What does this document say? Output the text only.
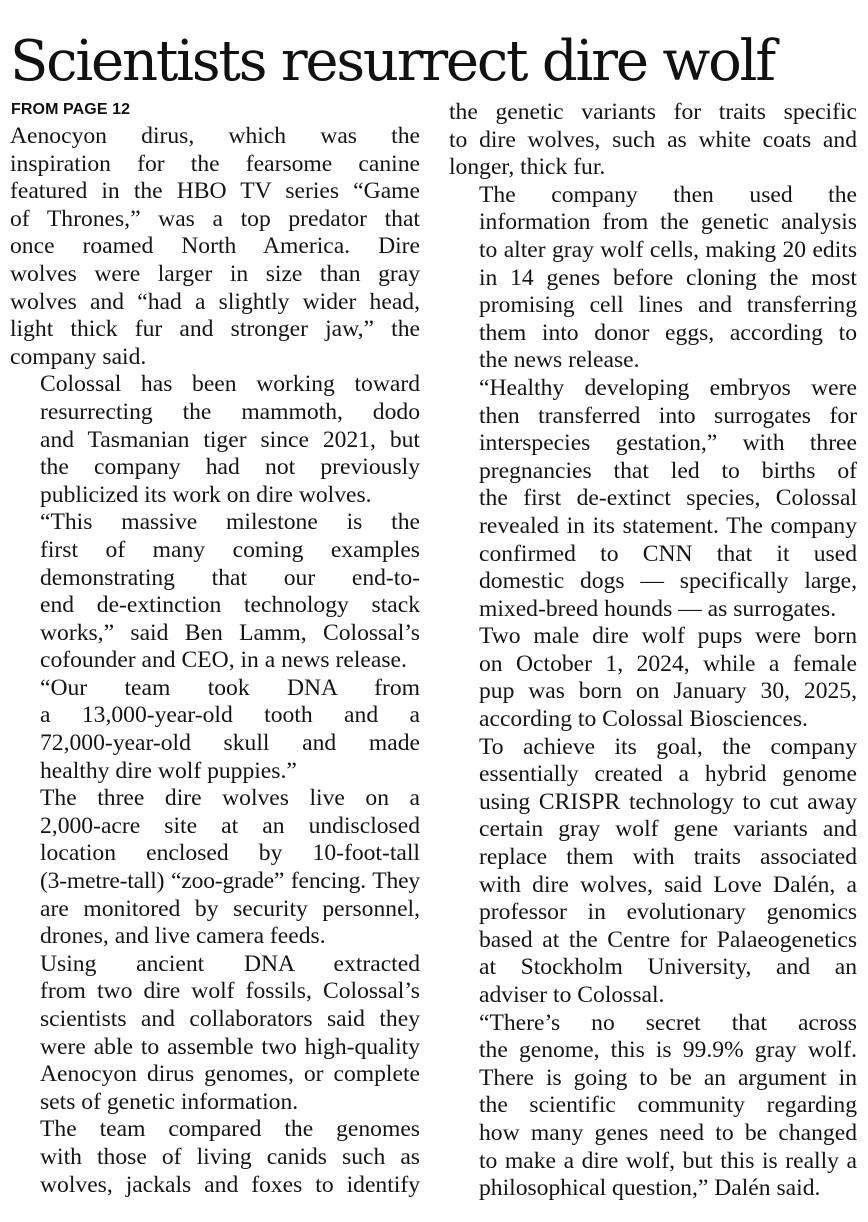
Scientists resurrect dire wolf
FROM PAGE 12

Aenocyon dirus, which was the
inspiration for the fearsome canine
featured in the HBO TV series “Game
of Thrones,” was a top predator that
once roamed North America. Dire
wolves were larger in size than gray
wolves and “had a slightly wider head,
light thick fur and stronger jaw,” the
company said.

Colossal has been working toward
resurrecting the mammoth, dodo
and Tasmanian tiger since 2021, but
the company had not previously
publicized its work on dire wolves.

“This massive milestone is the
first of many coming examples
demonstrating that our end-to-
end de-extinction technology stack
works,” said Ben Lamm, Colossal’s
cofounder and CEO, in a news release.

“Our team took DNA from
a 13,000-year-old tooth and a
72,000-year-old skull and made
healthy dire wolf puppies.”

The three dire wolves live on a
2,000-acre site at an undisclosed
location enclosed by 10-foot-tall
(3-metre-tall) “zoo-grade” fencing. They
are monitored by security personnel,
drones, and live camera feeds.

Using ancient DNA extracted
from two dire wolf fossils, Colossal’s
scientists and collaborators said they
were able to assemble two high-quality
Aenocyon dirus genomes, or complete
sets of genetic information.

The team compared the genomes
with those of living canids such as
wolves, jackals and foxes to identify

the genetic variants for traits specific
to dire wolves, such as white coats and
longer, thick fur.

The company then used the
information from the genetic analysis
to alter gray wolf cells, making 20 edits
in 14 genes before cloning the most
promising cell lines and transferring
them into donor eggs, according to
the news release.

“Healthy developing embryos were
then transferred into surrogates for
interspecies gestation,” with three
pregnancies that led to births of
the first de-extinct species, Colossal
revealed in its statement. The company
confirmed to CNN that it used
domestic dogs — specifically large,
mixed-breed hounds — as surrogates.

Two male dire wolf pups were born
on October 1, 2024, while a female
pup was born on January 30, 2025,
according to Colossal Biosciences.

To achieve its goal, the company
essentially created a hybrid genome
using CRISPR technology to cut away
certain gray wolf gene variants and
replace them with traits associated
with dire wolves, said Love Dalén, a
professor in evolutionary genomics
based at the Centre for Palaeogenetics
at Stockholm University, and an
adviser to Colossal.

“There’s no secret that across
the genome, this is 99.9% gray wolf.
There is going to be an argument in
the scientific community regarding
how many genes need to be changed
to make a dire wolf, but this is really a
philosophical question,” Dalén said.
